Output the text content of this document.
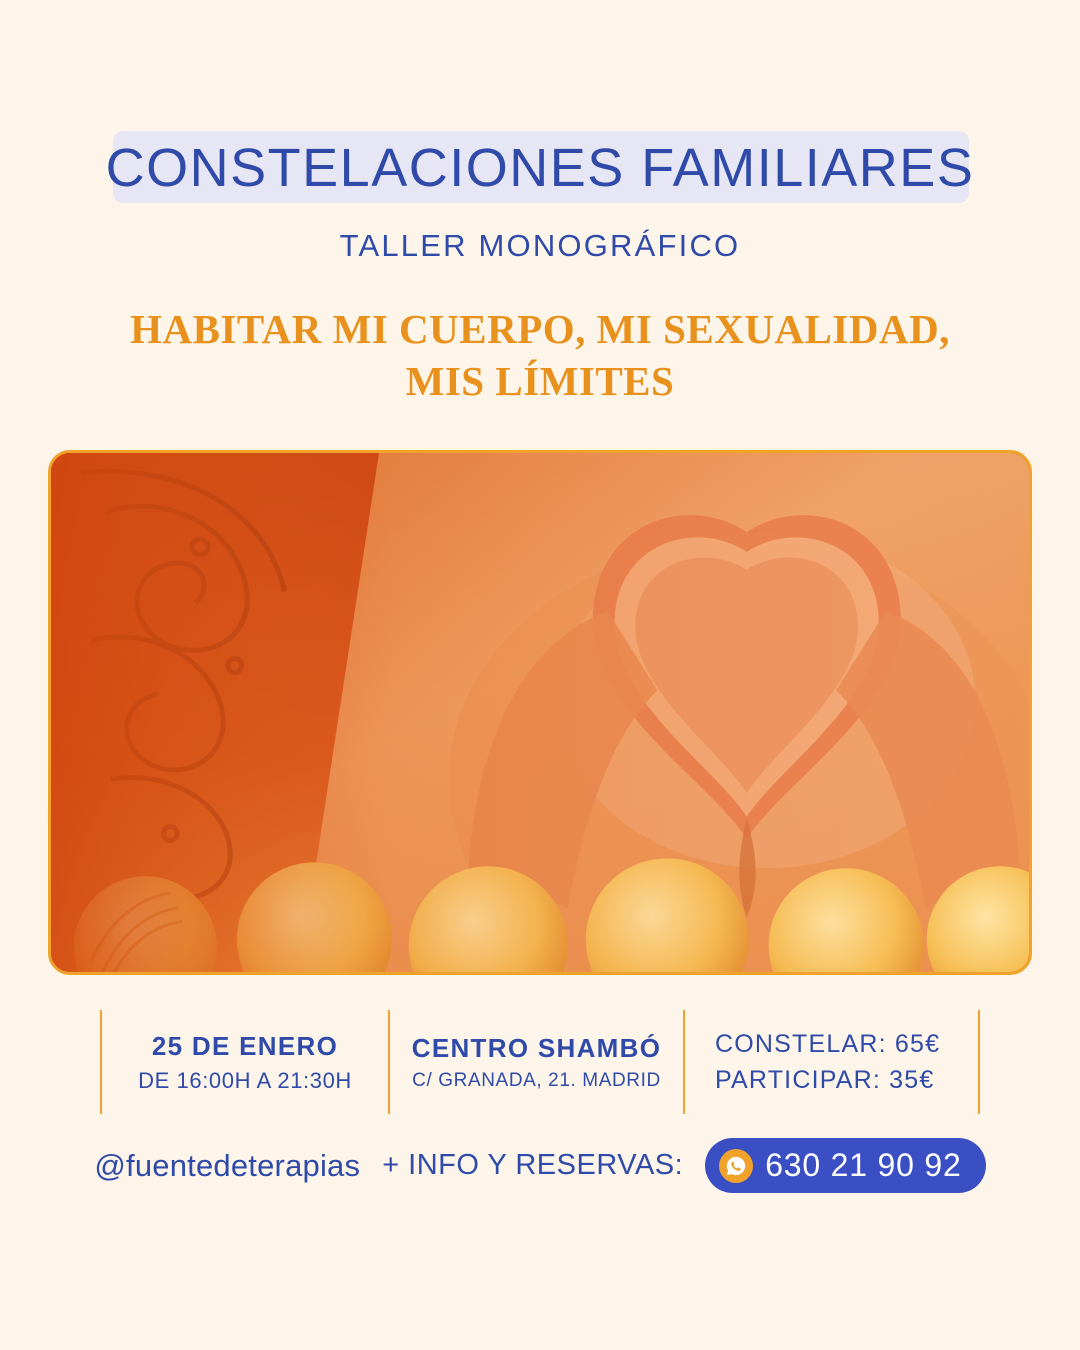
CONSTELACIONES FAMILIARES
TALLER MONOGRÁFICO
HABITAR MI CUERPO, MI SEXUALIDAD,
MIS LÍMITES
25 DE ENERO
DE 16:00H A 21:30H
CENTRO SHAMBÓ
C/ GRANADA, 21. MADRID
CONSTELAR: 65€
PARTICIPAR: 35€
@fuentedeterapias + INFO Y RESERVAS:	630 21 90 92
